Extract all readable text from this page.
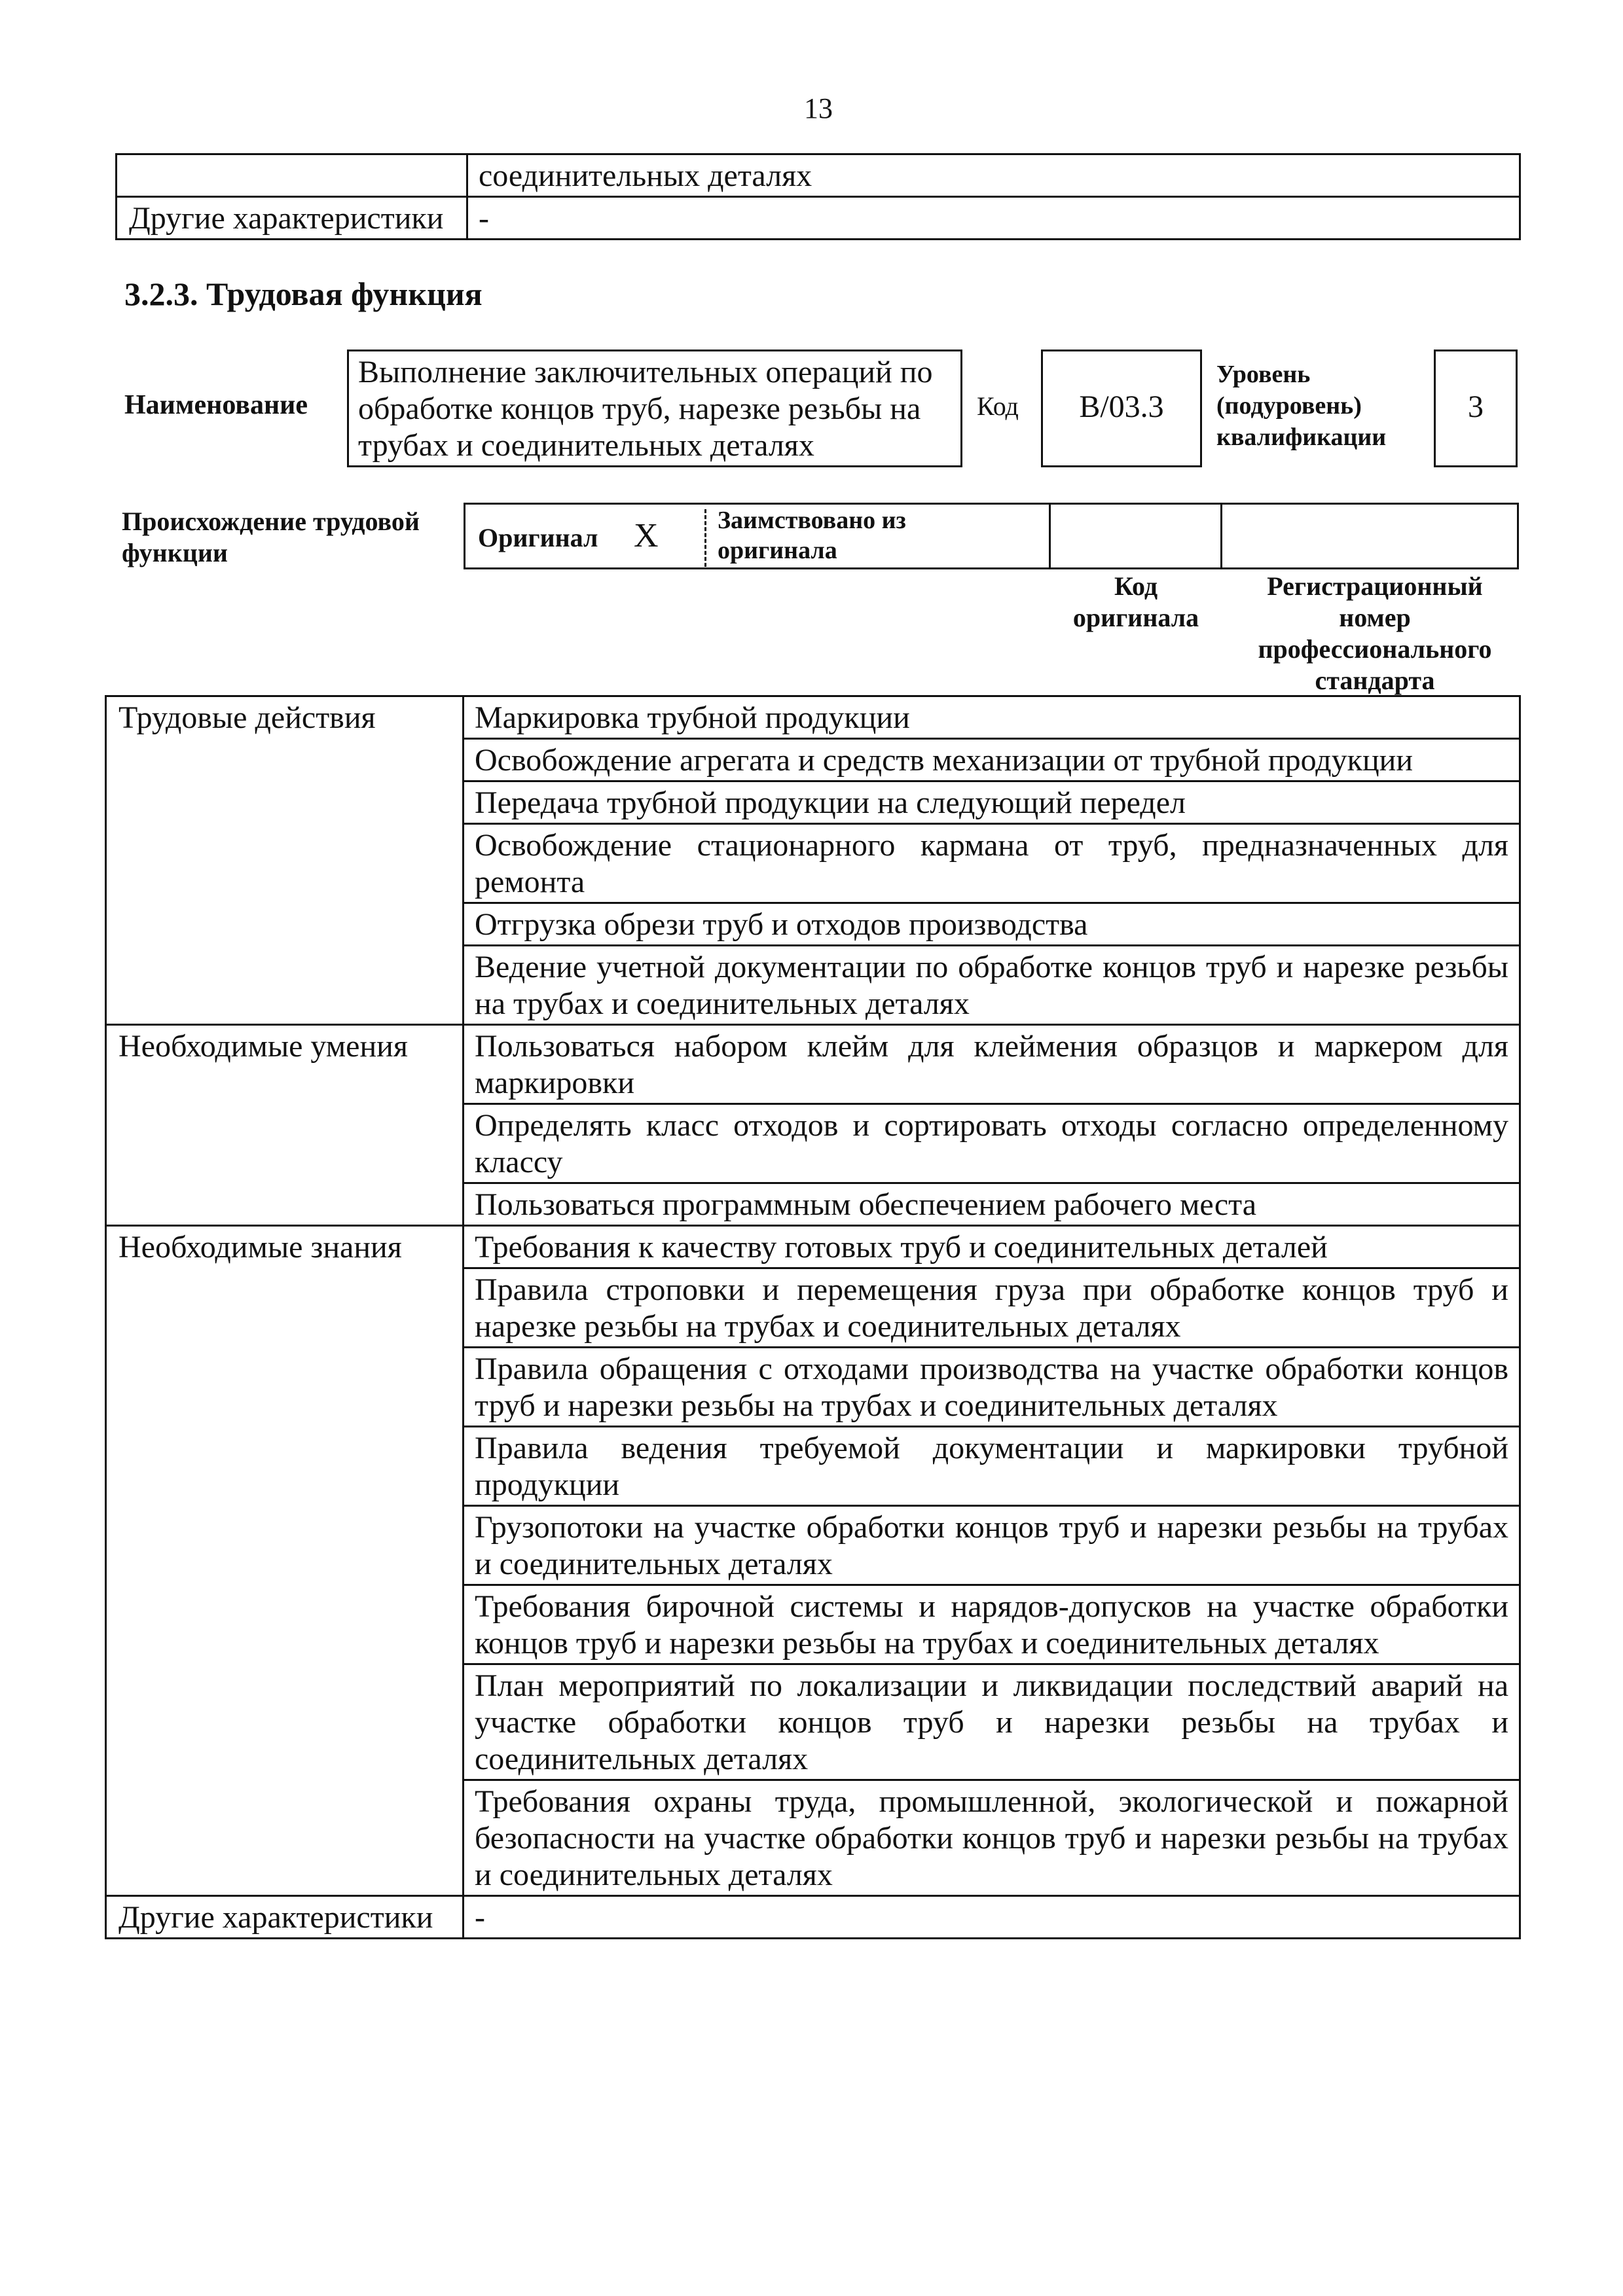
13
	соединительных деталях
Другие характеристики	-
3.2.3. Трудовая функция
Наименование
Выполнение заключительных операций по обработке концов труб, нарезке резьбы на трубах и соединительных деталях
Код	B/03.3
Уровень (подуровень) квалификации
3
Происхождение трудовой функции
Оригинал X Заимствовано из оригинала
Код оригинала
Регистрационный номер профессионального стандарта
Трудовые действия	Маркировка трубной продукции
	Освобождение агрегата и средств механизации от трубной продукции
	Передача трубной продукции на следующий передел
	Освобождение стационарного кармана от труб, предназначенных для ремонта
	Отгрузка обрези труб и отходов производства
	Ведение учетной документации по обработке концов труб и нарезке резьбы на трубах и соединительных деталях
Необходимые умения	Пользоваться набором клейм для клеймения образцов и маркером для маркировки
	Определять класс отходов и сортировать отходы согласно определенному классу
	Пользоваться программным обеспечением рабочего места
Необходимые знания	Требования к качеству готовых труб и соединительных деталей
	Правила строповки и перемещения груза при обработке концов труб и нарезке резьбы на трубах и соединительных деталях
	Правила обращения с отходами производства на участке обработки концов труб и нарезки резьбы на трубах и соединительных деталях
	Правила ведения требуемой документации и маркировки трубной продукции
	Грузопотоки на участке обработки концов труб и нарезки резьбы на трубах и соединительных деталях
	Требования бирочной системы и нарядов-допусков на участке обработки концов труб и нарезки резьбы на трубах и соединительных деталях
	План мероприятий по локализации и ликвидации последствий аварий на участке обработки концов труб и нарезки резьбы на трубах и соединительных деталях
	Требования охраны труда, промышленной, экологической и пожарной безопасности на участке обработки концов труб и нарезки резьбы на трубах и соединительных деталях
Другие характеристики	-
